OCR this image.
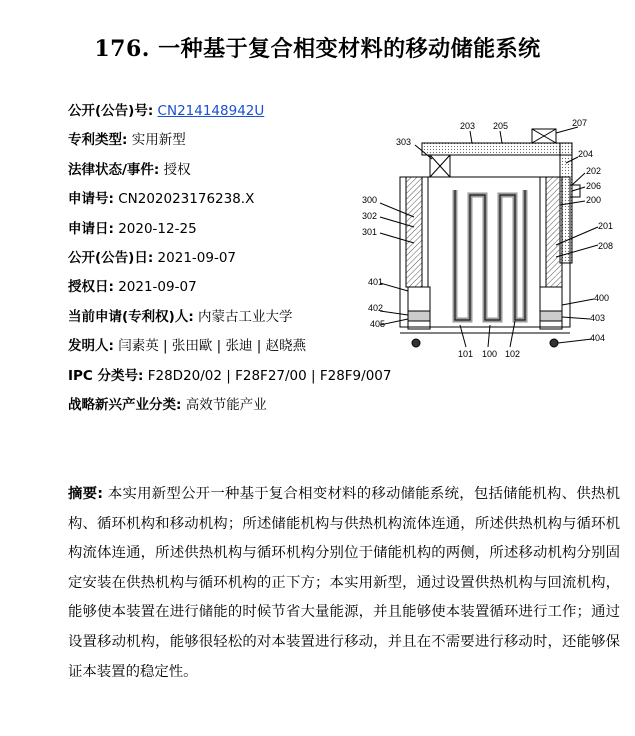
176. 一种基于复合相变材料的移动储能系统
公开(公告)号: CN214148942U
专利类型: 实用新型
法律状态/事件: 授权
申请号: CN202023176238.X
申请日: 2020-12-25
公开(公告)日: 2021-09-07
授权日: 2021-09-07
当前申请(专利权)人: 内蒙古工业大学
发明人: 闫素英 | 张田歐 | 张迪 | 赵晓燕
IPC 分类号: F28D20/02 | F28F27/00 | F28F9/007
战略新兴产业分类: 高效节能产业
303
203 205	207
204
202
206
200
300
302
301
201
208
401
400
402
403
405
404
101 100 102
摘要: 本实用新型公开一种基于复合相变材料的移动储能系统，包括储能机构、供热机构、循环机构和移动机构；所述储能机构与供热机构流体连通，所述供热机构与循环机构流体连通，所述供热机构与循环机构分别位于储能机构的两侧，所述移动机构分别固定安装在供热机构与循环机构的正下方；本实用新型，通过设置供热机构与回流机构，能够使本装置在进行储能的时候节省大量能源，并且能够使本装置循环进行工作；通过设置移动机构，能够很轻松的对本装置进行移动，并且在不需要进行移动时，还能够保证本装置的稳定性。
